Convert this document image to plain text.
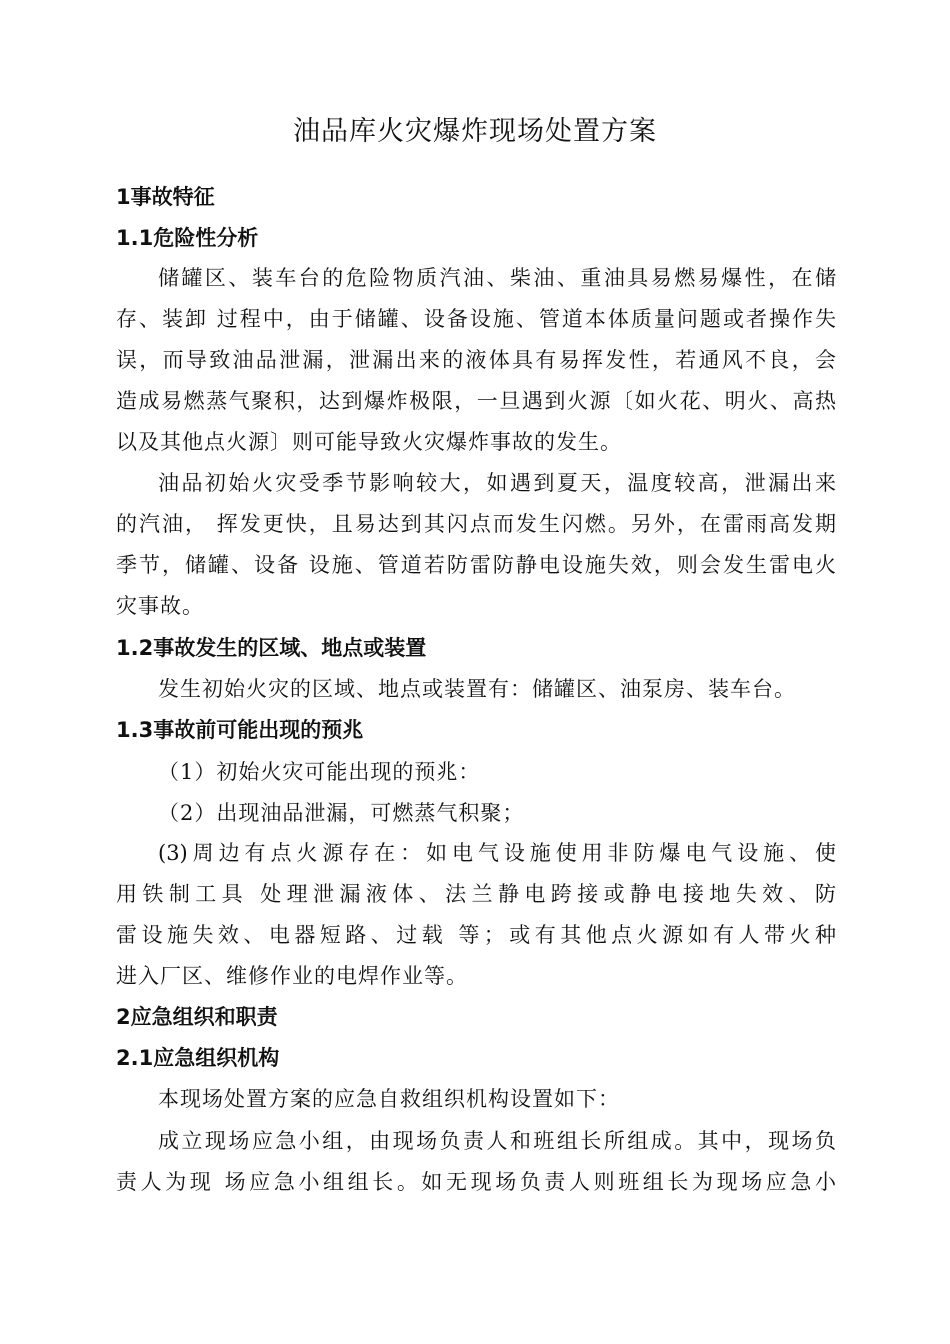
油品库火灾爆炸现场处置方案
1事故特征
1.1危险性分析
储罐区、装车台的危险物质汽油、柴油、重油具易燃易爆性，在储
存、装卸 过程中，由于储罐、设备设施、管道本体质量问题或者操作失
误，而导致油品泄漏，泄漏出来的液体具有易挥发性，若通风不良，会
造成易燃蒸气聚积，达到爆炸极限，一旦遇到火源〔如火花、明火、高热
以及其他点火源〕则可能导致火灾爆炸事故的发生。
油品初始火灾受季节影响较大，如遇到夏天，温度较高，泄漏出来
的汽油， 挥发更快，且易达到其闪点而发生闪燃。另外，在雷雨高发期
季节，储罐、设备 设施、管道若防雷防静电设施失效，则会发生雷电火
灾事故。
1.2事故发生的区域、地点或装置
发生初始火灾的区域、地点或装置有：储罐区、油泵房、装车台。
1.3事故前可能出现的预兆
（1）初始火灾可能出现的预兆：
（2）出现油品泄漏，可燃蒸气积聚；
(3)周边有点火源存在：如电气设施使用非防爆电气设施、使
用铁制工具 处理泄漏液体、法兰静电跨接或静电接地失效、防
雷设施失效、电器短路、过载 等；或有其他点火源如有人带火种
进入厂区、维修作业的电焊作业等。
2应急组织和职责
2.1应急组织机构
本现场处置方案的应急自救组织机构设置如下：
成立现场应急小组，由现场负责人和班组长所组成。其中，现场负
责人为现 场应急小组组长。如无现场负责人则班组长为现场应急小
